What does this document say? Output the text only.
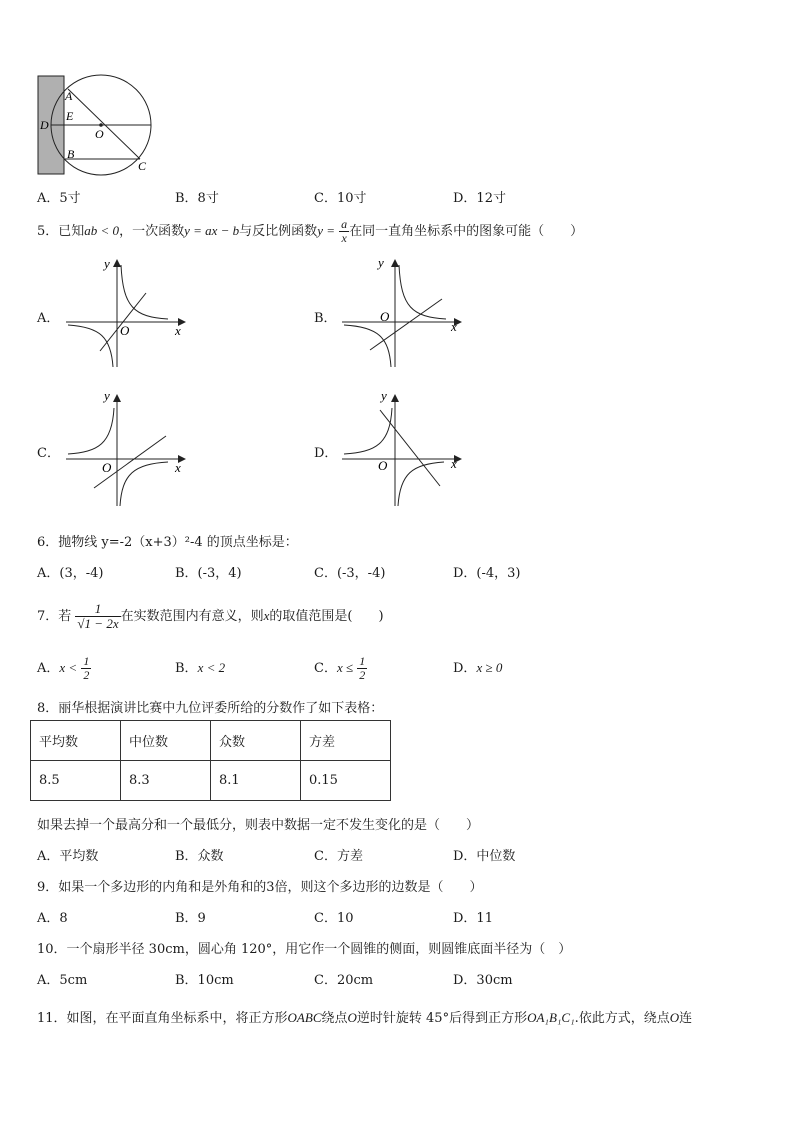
A
E
O
D
B
C
A．5寸	B．8寸	C．10寸	D．12寸
5．已知ab < 0，一次函数y = ax − b与反比例函数$y = \frac{a}{x}$ 在同一直角坐标系中的图象可能（　　）
A．
x
y
O
B．
x
y
O
C．
x
y
O
D．
x
y
O
6．抛物线 y=-2（x+3）²-4 的顶点坐标是：
A．(3，-4)	B．(-3，4)	C．(-3，-4)	D．(-4，3)
7．若 $\frac{1}{√1 - 2x}$ 在实数范围内有意义，则x的取值范围是(　　)
A．$x < \frac{1}{2}$	B．x < 2	C．$x \le \frac{1}{2}$	D．x ≥ 0
8．丽华根据演讲比赛中九位评委所给的分数作了如下表格：
平均数	中位数	众数	方差
8.5	8.3	8.1	0.15
如果去掉一个最高分和一个最低分，则表中数据一定不发生变化的是（　　）
A．平均数	B．众数	C．方差	D．中位数
9．如果一个多边形的内角和是外角和的3倍，则这个多边形的边数是（　　）
A．8	B．9	C．10	D．11
10．一个扇形半径 30cm，圆心角 120°，用它作一个圆锥的侧面，则圆锥底面半径为（　）
A．5cm	B．10cm	C．20cm	D．30cm
11．如图，在平面直角坐标系中，将正方形OABC绕点O逆时针旋转 45°后得到正方形OA₁B₁C₁.依此方式，绕点O连
